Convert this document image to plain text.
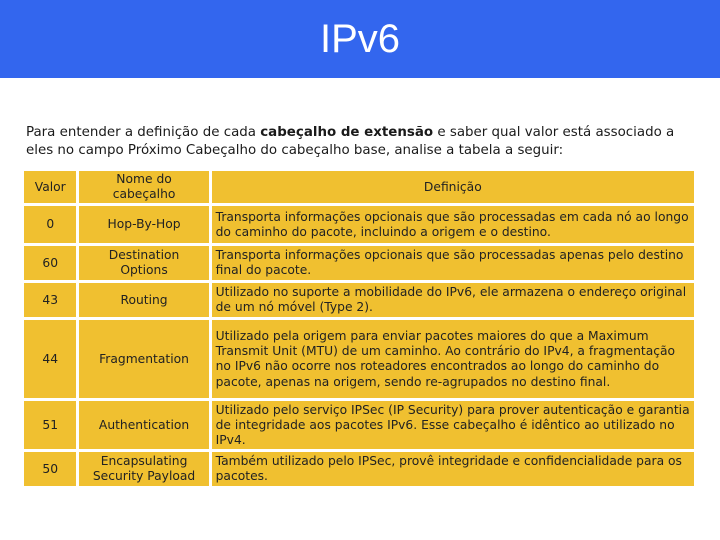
IPv6
Para entender a definição de cada cabeçalho de extensão e saber qual valor está associado a eles no campo Próximo Cabeçalho do cabeçalho base, analise a tabela a seguir:
Valor	Nome do cabeçalho	Definição
0	Hop-By-Hop	Transporta informações opcionais que são processadas em cada nó ao longo do caminho do pacote, incluindo a origem e o destino.
60	Destination Options	Transporta informações opcionais que são processadas apenas pelo destino final do pacote.
43	Routing	Utilizado no suporte a mobilidade do IPv6, ele armazena o endereço original de um nó móvel (Type 2).
44	Fragmentation	Utilizado pela origem para enviar pacotes maiores do que a Maximum Transmit Unit (MTU) de um caminho. Ao contrário do IPv4, a fragmentação no IPv6 não ocorre nos roteadores encontrados ao longo do caminho do pacote, apenas na origem, sendo re-agrupados no destino final.
51	Authentication	Utilizado pelo serviço IPSec (IP Security) para prover autenticação e garantia de integridade aos pacotes IPv6. Esse cabeçalho é idêntico ao utilizado no IPv4.
50	Encapsulating Security Payload	Também utilizado pelo IPSec, provê integridade e confidencialidade para os pacotes.
